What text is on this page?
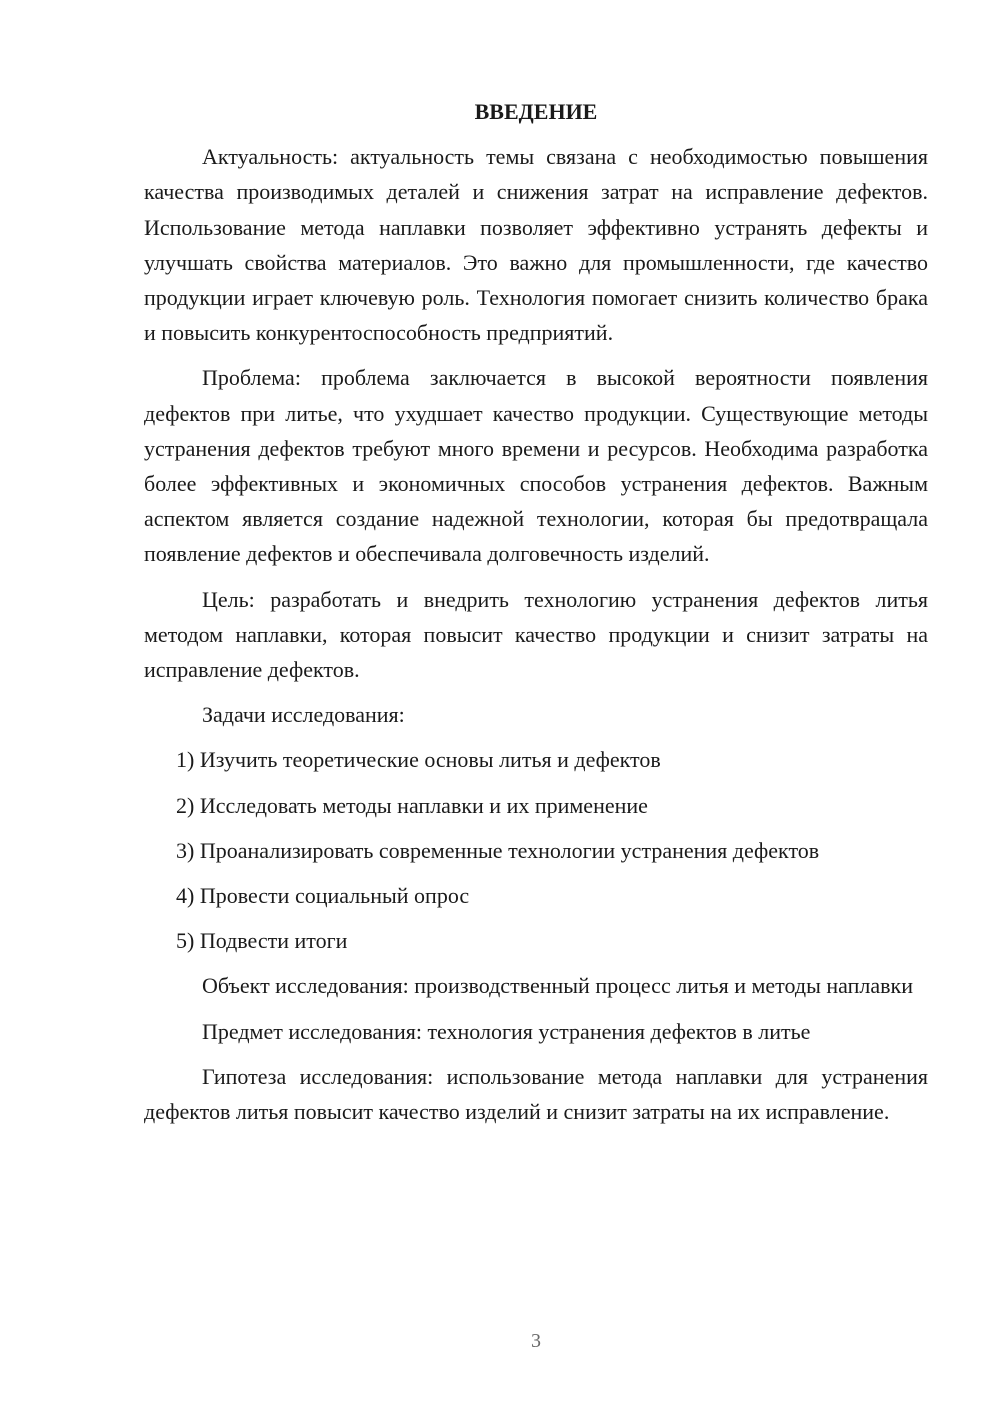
ВВЕДЕНИЕ

Актуальность: актуальность темы связана с необходимостью повышения качества производимых деталей и снижения затрат на исправление дефектов. Использование метода наплавки позволяет эффективно устранять дефекты и улучшать свойства материалов. Это важно для промышленности, где качество продукции играет ключевую роль. Технология помогает снизить количество брака и повысить конкурентоспособность предприятий.

Проблема: проблема заключается в высокой вероятности появления дефектов при литье, что ухудшает качество продукции. Существующие методы устранения дефектов требуют много времени и ресурсов. Необходима разработка более эффективных и экономичных способов устранения дефектов. Важным аспектом является создание надежной технологии, которая бы предотвращала появление дефектов и обеспечивала долговечность изделий.

Цель: разработать и внедрить технологию устранения дефектов литья методом наплавки, которая повысит качество продукции и снизит затраты на исправление дефектов.

Задачи исследования:

1) Изучить теоретические основы литья и дефектов
2) Исследовать методы наплавки и их применение
3) Проанализировать современные технологии устранения дефектов
4) Провести социальный опрос
5) Подвести итоги

Объект исследования: производственный процесс литья и методы наплавки

Предмет исследования: технология устранения дефектов в литье

Гипотеза исследования: использование метода наплавки для устранения дефектов литья повысит качество изделий и снизит затраты на их исправление.

3
